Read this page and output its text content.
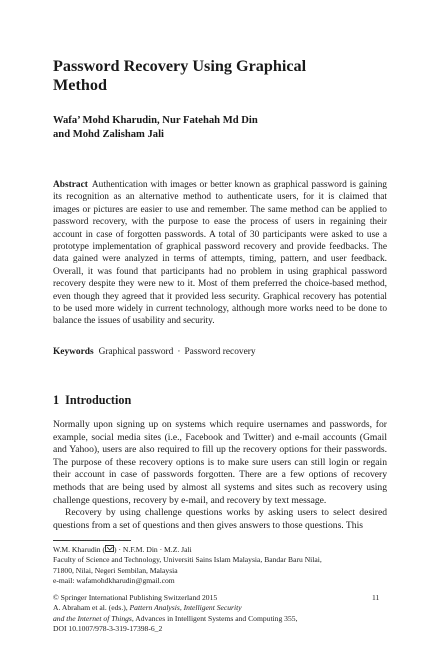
Password Recovery Using Graphical
Method
Wafa’ Mohd Kharudin, Nur Fatehah Md Din
and Mohd Zalisham Jali

Abstract Authentication with images or better known as graphical password is gaining its recognition as an alternative method to authenticate users, for it is claimed that images or pictures are easier to use and remember. The same method can be applied to password recovery, with the purpose to ease the process of users in regaining their account in case of forgotten passwords. A total of 30 participants were asked to use a prototype implementation of graphical password recovery and provide feedbacks. The data gained were analyzed in terms of attempts, timing, pattern, and user feedback. Overall, it was found that participants had no problem in using graphical password recovery despite they were new to it. Most of them preferred the choice-based method, even though they agreed that it provided less security. Graphical recovery has potential to be used more widely in current technology, although more works need to be done to balance the issues of usability and security.

Keywords Graphical password · Password recovery

1 Introduction

Normally upon signing up on systems which require usernames and passwords, for example, social media sites (i.e., Facebook and Twitter) and e-mail accounts (Gmail and Yahoo), users are also required to fill up the recovery options for their passwords. The purpose of these recovery options is to make sure users can still login or regain their account in case of passwords forgotten. There are a few options of recovery methods that are being used by almost all systems and sites such as recovery using challenge questions, recovery by e-mail, and recovery by text message.

Recovery by using challenge questions works by asking users to select desired questions from a set of questions and then gives answers to those questions. This

W.M. Kharudin ( ) · N.F.M. Din · M.Z. Jali
Faculty of Science and Technology, Universiti Sains Islam Malaysia, Bandar Baru Nilai,
71800, Nilai, Negeri Sembilan, Malaysia
e-mail: wafamohdkharudin@gmail.com
© Springer International Publishing Switzerland 2015
A. Abraham et al. (eds.), Pattern Analysis, Intelligent Security
and the Internet of Things, Advances in Intelligent Systems and Computing 355,
DOI 10.1007/978-3-319-17398-6_2
11
